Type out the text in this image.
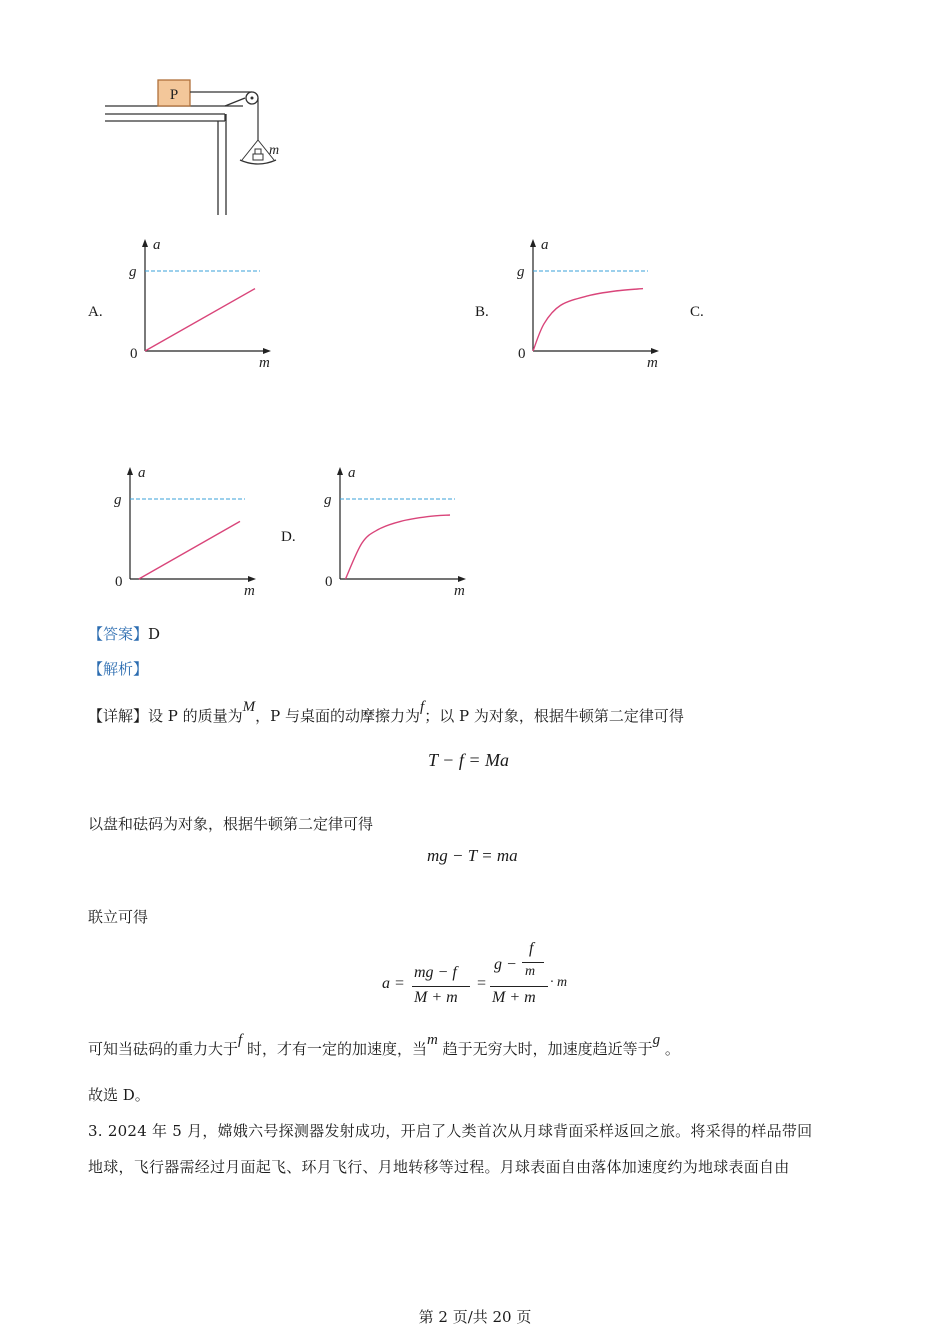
P
m
A.	B.	C.
D.
a
g
0
m
a
g
0
m
a
g
0
m
a
g
0
m
【答案】D
【解析】
【详解】设 P 的质量为M，P 与桌面的动摩擦力为f；以 P 为对象，根据牛顿第二定律可得
T − f = Ma
以盘和砝码为对象，根据牛顿第二定律可得
mg − T = ma
联立可得
a =
mg − f
M + m
=
g −
f
m
M + m
· m
可知当砝码的重力大于f 时，才有一定的加速度，当m 趋于无穷大时，加速度趋近等于g 。
故选 D。
3. 2024 年 5 月，嫦娥六号探测器发射成功，开启了人类首次从月球背面采样返回之旅。将采得的样品带回
地球，飞行器需经过月面起飞、环月飞行、月地转移等过程。月球表面自由落体加速度约为地球表面自由
第 2 页/共 20 页
